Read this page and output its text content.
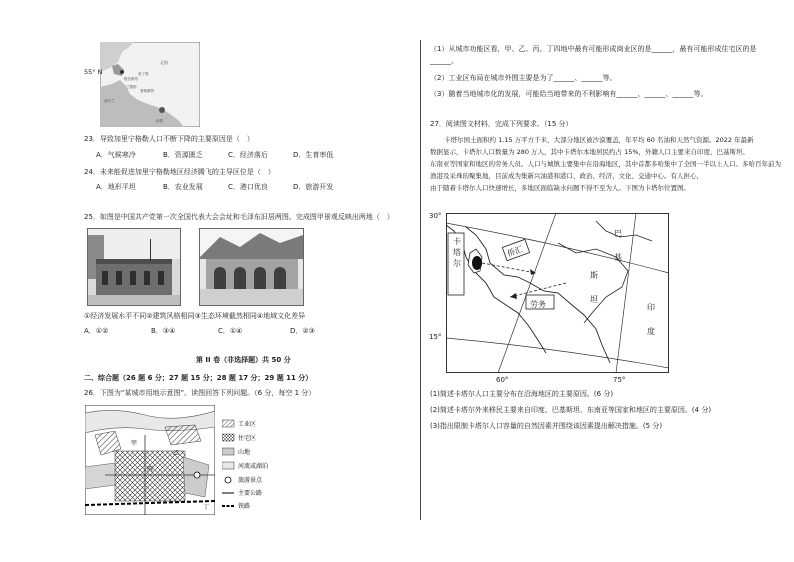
北海
格拉斯哥
爱丁堡
兰德郡
伦敦
曼彻斯特
爱尔兰
55° N
23．导致加里宁格勒人口不断下降的主要原因是（　）
A．气候寒冷	B．资源匮乏	C．经济落后	D．生育率低
24．未来能促进加里宁格勒地区经济腾飞的主导区位是（　）
A．地形平坦	B．农业发展	C．港口优良	D．旅游开发
25．如图是中国共产党第一次全国代表大会会址和毛泽东旧居两图。完成图甲景观反映出两地（　）
①经济发展水平不同②建筑风格相同③生态环境截然相同④地域文化差异
A．①②	B．③④	C．①④	D．②③
第 II 卷（非选择题）共 50 分
二、综合题（26 题 6 分；27 题 15 分；28 题 17 分；29 题 11 分）
26．下图为“某城市用地示意图”。读图回答下列问题。（6 分，每空 1 分）
甲
乙
丙
丁
工业区
住宅区
山地
河流或湖泊
旅游景点
主要公路
铁路
（1）从城市功能区看，甲、乙、丙、丁四地中最有可能形成商业区的是______，最有可能形成住宅区的是______。
（2）工业区布局在城市外围主要是为了______、______等。
（3）随着当地城市化的发展，可能给当地带来的不利影响有______、______、______等。
27．阅读图文材料，完成下列要求。（15 分）
卡塔尔国土面积约 1.15 万平方千米，大部分地区被沙漠覆盖，年平均 60 名油和天然气资源。2022 年最新
数据显示，卡塔尔人口数量为 280 万人，其中卡塔尔本地居民约占 15%，外籍人口主要来自印度、巴基斯坦、
东南亚等国家和地区的劳务人员。人口与城镇主要集中在沿海地区，其中首都多哈集中了全国一半以上人口。多哈百年前为
渔港及采珠的聚集地，目前成为集新兴油港和港口、政治、经济、文化、交通中心。有人担心，
由于随着卡塔尔人口快速增长，多地区面临缺水问题不得不至为人。下图为卡塔尔位置图。
30°
15°
60°	75°
卡
塔
尔
侨汇
劳务
巴
基
斯
坦
印
度
(1)简述卡塔尔人口主要分布在沿海地区的主要原因。(6 分)
(2)简述卡塔尔外来移民主要来自印度、巴基斯坦、东南亚等国家和地区的主要原因。(4 分)
(3)指出限制卡塔尔人口容量的自然因素并围绕该因素提出解决措施。(5 分)
